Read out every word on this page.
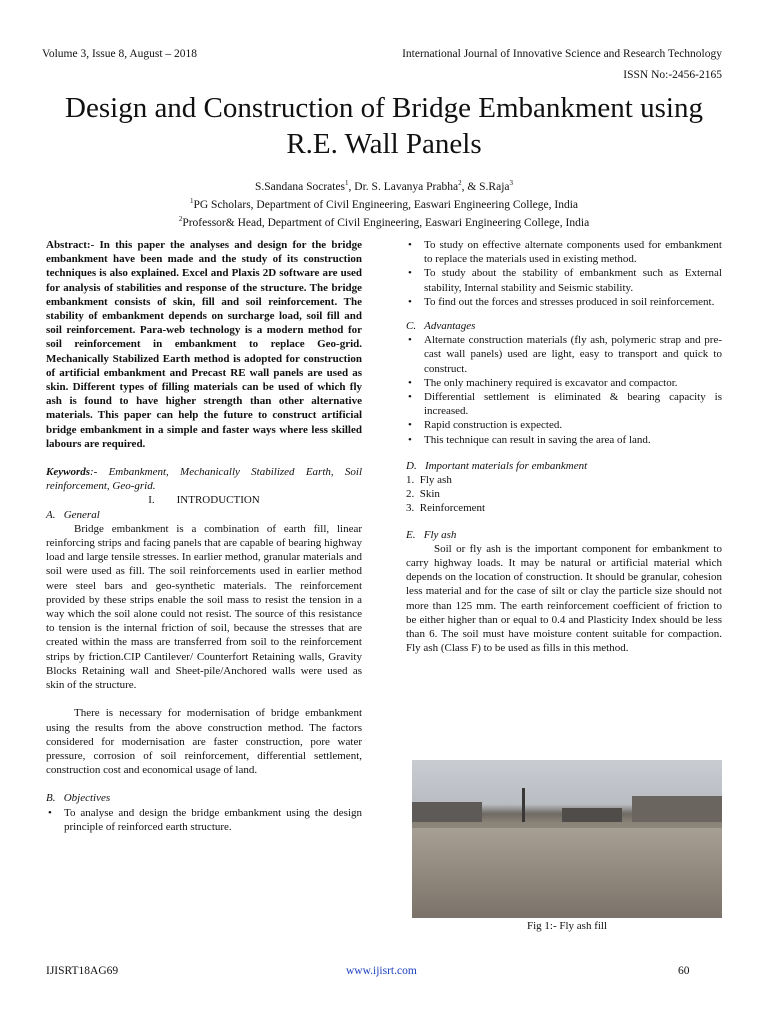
Volume 3, Issue 8, August – 2018	International Journal of Innovative Science and Research Technology
ISSN No:-2456-2165
Design and Construction of Bridge Embankment using
R.E. Wall Panels
S.Sandana Socrates$^1$, Dr. S. Lavanya Prabha$^2$, & S.Raja$^3$
$^1$PG Scholars, Department of Civil Engineering, Easwari Engineering College, India
$^2$Professor& Head, Department of Civil Engineering, Easwari Engineering College, India

Abstract:- In this paper the analyses and design for the bridge embankment have been made and the study of its construction techniques is also explained. Excel and Plaxis 2D software are used for analysis of stabilities and response of the structure. The bridge embankment consists of skin, fill and soil reinforcement. The stability of embankment depends on surcharge load, soil fill and soil reinforcement. Para-web technology is a modern method for soil reinforcement in embankment to replace Geo-grid. Mechanically Stabilized Earth method is adopted for construction of artificial embankment and Precast RE wall panels are used as skin. Different types of filling materials can be used of which fly ash is found to have higher strength than other alternative materials. This paper can help the future to construct artificial bridge embankment in a simple and faster ways where less skilled labours are required.

Keywords:- Embankment, Mechanically Stabilized Earth, Soil reinforcement, Geo-grid.

I.        INTRODUCTION

A.   General

Bridge embankment is a combination of earth fill, linear reinforcing strips and facing panels that are capable of bearing highway load and large tensile stresses. In earlier method, granular materials and soil were used as fill. The soil reinforcements used in earlier method were steel bars and geo-synthetic materials. The reinforcement provided by these strips enable the soil mass to resist the tension in a way which the soil alone could not resist. The source of this resistance to tension is the internal friction of soil, because the stresses that are created within the mass are transferred from soil to the reinforcement strips by friction.CIP Cantilever/ Counterfort Retaining walls, Gravity Blocks Retaining wall and Sheet-pile/Anchored walls were used as skin of the structure.

There is necessary for modernisation of bridge embankment using the results from the above construction method. The factors considered for modernisation are faster construction, pore water pressure, corrosion of soil reinforcement, differential settlement, construction cost and economical usage of land.

B.   Objectives

• To analyse and design the bridge embankment using the design principle of reinforced earth structure.
• To study on effective alternate components used for embankment to replace the materials used in existing method.
• To study about the stability of embankment such as External stability, Internal stability and Seismic stability.
• To find out the forces and stresses produced in soil reinforcement.

C.   Advantages

• Alternate construction materials (fly ash, polymeric strap and pre-cast wall panels) used are light, easy to transport and quick to construct.
• The only machinery required is excavator and compactor.
• Differential settlement is eliminated & bearing capacity is increased.
• Rapid construction is expected.
• This technique can result in saving the area of land.

D.   Important materials for embankment

1.  Fly ash
2.  Skin
3.  Reinforcement

E.   Fly ash

Soil or fly ash is the important component for embankment to carry highway loads. It may be natural or artificial material which depends on the location of construction. It should be granular, cohesion less material and for the case of silt or clay the particle size should not more than 125 mm. The earth reinforcement coefficient of friction to be either higher than or equal to 0.4 and Plasticity Index should be less than 6. The soil must have moisture content suitable for compaction. Fly ash (Class F) to be used as fills in this method.

Fig 1:- Fly ash fill
IJISRT18AG69	www.ijisrt.com	60
